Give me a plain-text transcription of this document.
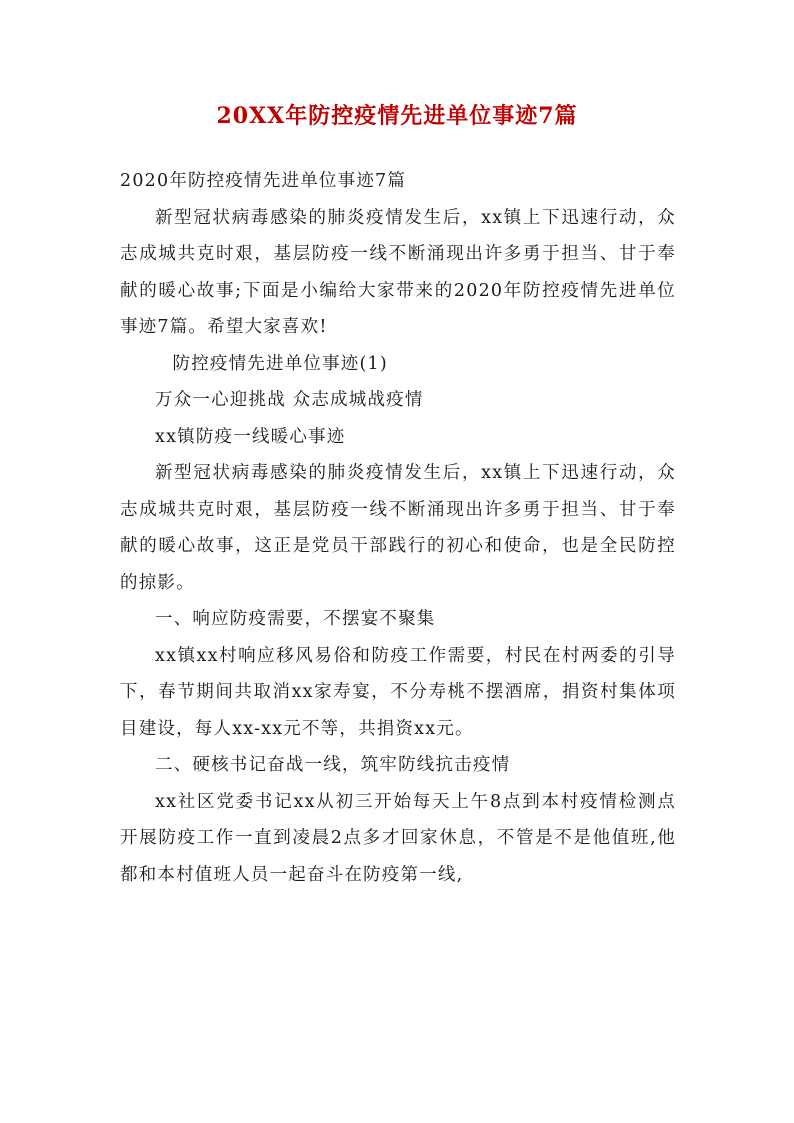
20XX年防控疫情先进单位事迹7篇

2020年防控疫情先进单位事迹7篇

新型冠状病毒感染的肺炎疫情发生后，xx镇上下迅速行动，众志成城共克时艰，基层防疫一线不断涌现出许多勇于担当、甘于奉献的暖心故事;下面是小编给大家带来的2020年防控疫情先进单位事迹7篇。希望大家喜欢!

防控疫情先进单位事迹(1)

万众一心迎挑战 众志成城战疫情

xx镇防疫一线暖心事迹

新型冠状病毒感染的肺炎疫情发生后，xx镇上下迅速行动，众志成城共克时艰，基层防疫一线不断涌现出许多勇于担当、甘于奉献的暖心故事，这正是党员干部践行的初心和使命，也是全民防控的掠影。

一、响应防疫需要，不摆宴不聚集

xx镇xx村响应移风易俗和防疫工作需要，村民在村两委的引导下，春节期间共取消xx家寿宴，不分寿桃不摆酒席，捐资村集体项目建设，每人xx-xx元不等，共捐资xx元。

二、硬核书记奋战一线，筑牢防线抗击疫情

xx社区党委书记xx从初三开始每天上午8点到本村疫情检测点开展防疫工作一直到凌晨2点多才回家休息，不管是不是他值班,他都和本村值班人员一起奋斗在防疫第一线,
